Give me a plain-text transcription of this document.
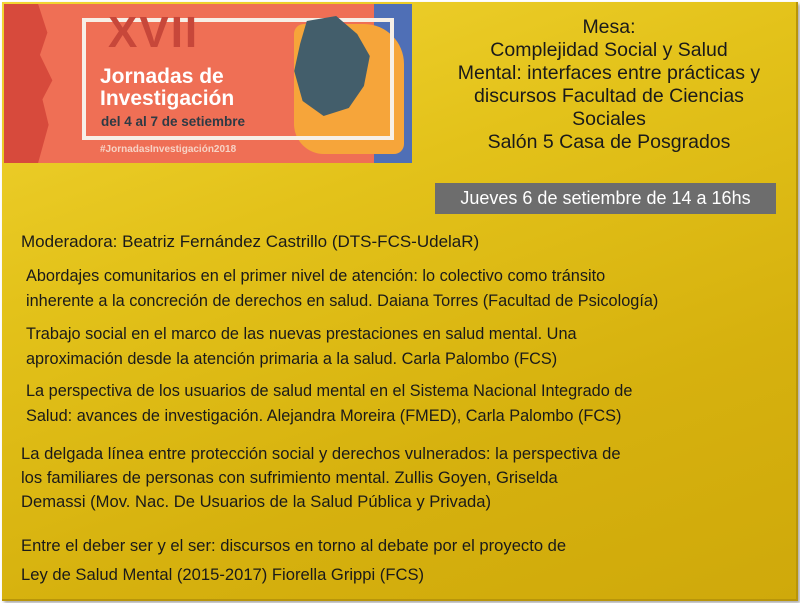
XVII
Jornadas de
Investigación
del 4 al 7 de setiembre
#JornadasInvestigación2018
Mesa:
Complejidad Social y Salud
Mental: interfaces entre prácticas y
discursos Facultad de Ciencias
Sociales
Salón 5 Casa de Posgrados
Jueves 6 de setiembre de 14 a 16hs
Moderadora: Beatriz Fernández Castrillo (DTS-FCS-UdelaR)
Abordajes comunitarios en el primer nivel de atención: lo colectivo como tránsito
inherente a la concreción de derechos en salud. Daiana Torres (Facultad de Psicología)
Trabajo social en el marco de las nuevas prestaciones en salud mental. Una
aproximación desde la atención primaria a la salud. Carla Palombo (FCS)
La perspectiva de los usuarios de salud mental en el Sistema Nacional Integrado de
Salud: avances de investigación. Alejandra Moreira (FMED), Carla Palombo (FCS)
La delgada línea entre protección social y derechos vulnerados: la perspectiva de
los familiares de personas con sufrimiento mental. Zullis Goyen, Griselda
Demassi (Mov. Nac. De Usuarios de la Salud Pública y Privada)
Entre el deber ser y el ser: discursos en torno al debate por el proyecto de
Ley de Salud Mental (2015-2017) Fiorella Grippi (FCS)
